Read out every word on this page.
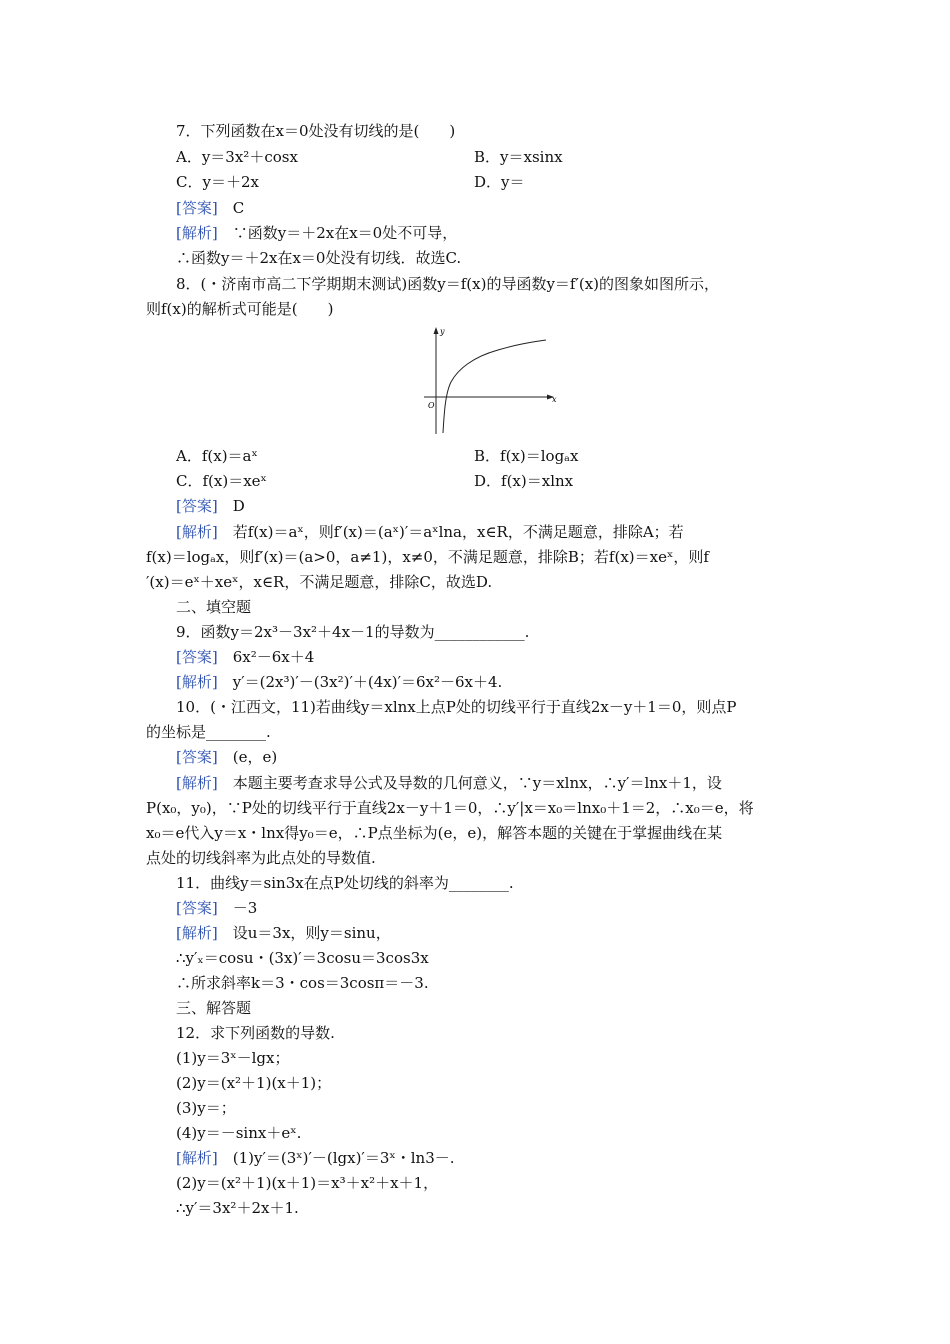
7．下列函数在x＝0处没有切线的是(　　)
A．y＝3x²＋cosx	B．y＝xsinx
C．y＝＋2x	D．y＝
[答案]　 C
[解析]　 ∵函数y＝＋2x在x＝0处不可导，
∴函数y＝＋2x在x＝0处没有切线．故选C.
8．(・济南市高二下学期期末测试)函数y＝f(x)的导函数y＝f′(x)的图象如图所示，
则f(x)的解析式可能是(　　)
y
x
O
A．f(x)＝aˣ	B．f(x)＝logₐx
C．f(x)＝xeˣ	D．f(x)＝xlnx
[答案]　 D
[解析]　 若f(x)＝aˣ，则f′(x)＝(aˣ)′＝aˣlna，x∈R，不满足题意，排除A；若
f(x)＝logₐx，则f′(x)＝(a>0，a≠1)，x≠0，不满足题意，排除B；若f(x)＝xeˣ，则f
′(x)＝eˣ＋xeˣ，x∈R，不满足题意，排除C，故选D.
二、填空题
9．函数y＝2x³－3x²＋4x－1的导数为____________.
[答案]　 6x²－6x＋4
[解析]　 y′＝(2x³)′－(3x²)′＋(4x)′＝6x²－6x＋4.
10．(・江西文，11)若曲线y＝xlnx上点P处的切线平行于直线2x－y＋1＝0，则点P
的坐标是________.
[答案]　 (e，e)
[解析]　 本题主要考查求导公式及导数的几何意义，∵y＝xlnx，∴y′＝lnx＋1，设
P(x₀，y₀)，∵P处的切线平行于直线2x－y＋1＝0，∴y′|x＝x₀＝lnx₀＋1＝2，∴x₀＝e，将
x₀＝e代入y＝x・lnx得y₀＝e，∴P点坐标为(e，e)，解答本题的关键在于掌握曲线在某
点处的切线斜率为此点处的导数值.
11．曲线y＝sin3x在点P处切线的斜率为________.
[答案]　 －3
[解析]　 设u＝3x，则y＝sinu，
∴y′ₓ＝cosu・(3x)′＝3cosu＝3cos3x
∴所求斜率k＝3・cos＝3cosπ＝－3.
三、解答题
12．求下列函数的导数.
(1)y＝3ˣ－lgx；
(2)y＝(x²＋1)(x＋1)；
(3)y＝；
(4)y＝－sinx＋eˣ.
[解析]　 (1)y′＝(3ˣ)′－(lgx)′＝3ˣ・ln3－.
(2)y＝(x²＋1)(x＋1)＝x³＋x²＋x＋1，
∴y′＝3x²＋2x＋1.
